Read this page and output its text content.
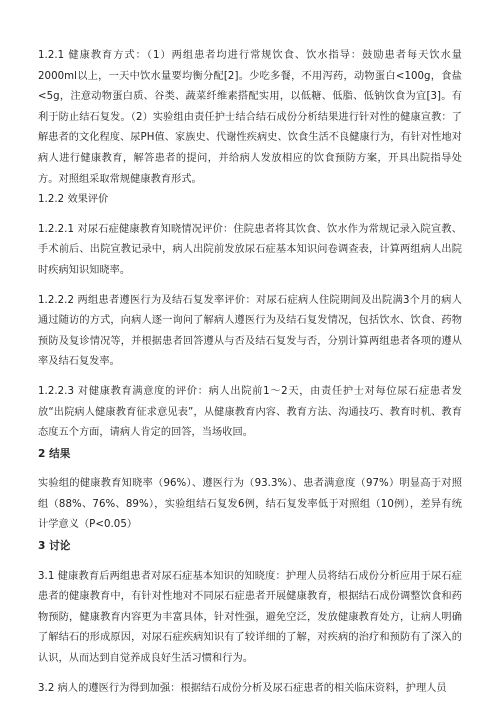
1.2.1 健康教育方式：（1）两组患者均进行常规饮食、饮水指导：鼓励患者每天饮水量2000ml以上，一天中饮水量要均衡分配[2]。少吃多餐，不用泻药，动物蛋白<100g，食盐<5g，注意动物蛋白质、谷类、蔬菜纤维素搭配实用，以低糖、低脂、低钠饮食为宜[3]。有利于防止结石复发。（2）实验组由责任护士结合结石成份分析结果进行针对性的健康宣教：了解患者的文化程度、尿PH值、家族史、代谢性疾病史、饮食生活不良健康行为，有针对性地对病人进行健康教育，解答患者的提问，并给病人发放相应的饮食预防方案，开具出院指导处方。对照组采取常规健康教育形式。

1.2.2 效果评价

1.2.2.1 对尿石症健康教育知晓情况评价：住院患者将其饮食、饮水作为常规记录入院宣教、手术前后、出院宣教记录中，病人出院前发放尿石症基本知识问卷调查表，计算两组病人出院时疾病知识知晓率。

1.2.2.2 两组患者遵医行为及结石复发率评价：对尿石症病人住院期间及出院满3个月的病人通过随访的方式，向病人逐一询问了解病人遵医行为及结石复发情况，包括饮水、饮食、药物预防及复诊情况等，并根据患者回答遵从与否及结石复发与否，分别计算两组患者各项的遵从率及结石复发率。

1.2.2.3 对健康教育满意度的评价：病人出院前1～2天，由责任护士对每位尿石症患者发放“出院病人健康教育征求意见表”，从健康教育内容、教育方法、沟通技巧、教育时机、教育态度五个方面，请病人肯定的回答，当场收回。

2 结果

实验组的健康教育知晓率（96%）、遵医行为（93.3%）、患者满意度（97%）明显高于对照组（88%、76%、89%），实验组结石复发6例，结石复发率低于对照组（10例），差异有统计学意义（P<0.05）

3 讨论

3.1 健康教育后两组患者对尿石症基本知识的知晓度：护理人员将结石成份分析应用于尿石症患者的健康教育中，有针对性地对不同尿石症患者开展健康教育，根据结石成份调整饮食和药物预防，健康教育内容更为丰富具体，针对性强，避免空泛，发放健康教育处方，让病人明确了解结石的形成原因，对尿石症疾病知识有了较详细的了解，对疾病的治疗和预防有了深入的认识，从而达到自觉养成良好生活习惯和行为。

3.2 病人的遵医行为得到加强：根据结石成份分析及尿石症患者的相关临床资料，护理人员
